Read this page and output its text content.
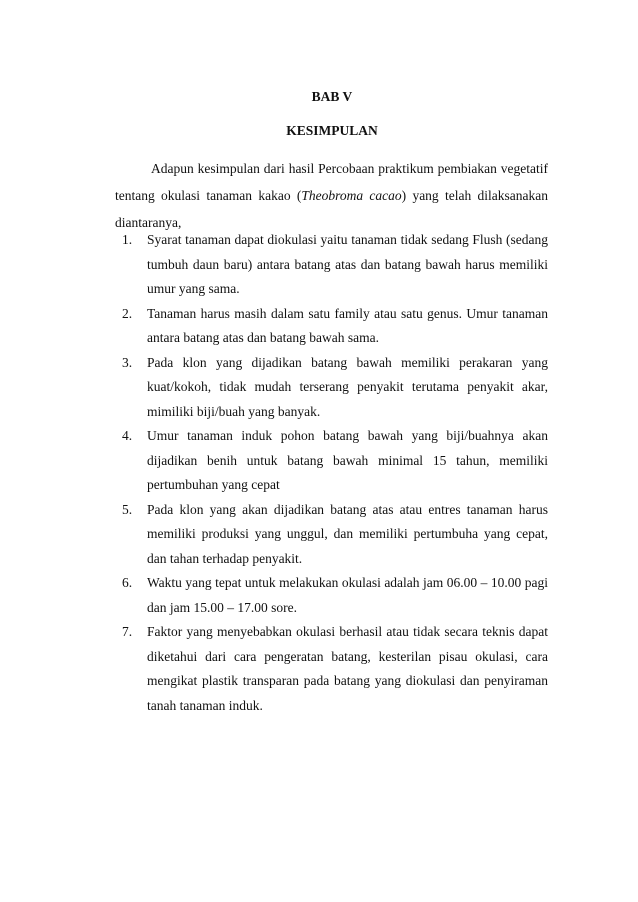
BAB V
KESIMPULAN

Adapun kesimpulan dari hasil Percobaan praktikum pembiakan vegetatif tentang okulasi tanaman kakao (Theobroma cacao) yang telah dilaksanakan diantaranya,

1. Syarat tanaman dapat diokulasi yaitu tanaman tidak sedang Flush (sedang tumbuh daun baru) antara batang atas dan batang bawah harus memiliki umur yang sama.
2. Tanaman harus masih dalam satu family atau satu genus. Umur tanaman antara batang atas dan batang bawah sama.
3. Pada klon yang dijadikan batang bawah memiliki perakaran yang kuat/kokoh, tidak mudah terserang penyakit terutama penyakit akar, mimiliki biji/buah yang banyak.
4. Umur tanaman induk pohon batang bawah yang biji/buahnya akan dijadikan benih untuk batang bawah minimal 15 tahun, memiliki pertumbuhan yang cepat
5. Pada klon yang akan dijadikan batang atas atau entres tanaman harus memiliki produksi yang unggul, dan memiliki pertumbuha yang cepat, dan tahan terhadap penyakit.
6. Waktu yang tepat untuk melakukan okulasi adalah jam 06.00 – 10.00 pagi dan jam 15.00 – 17.00 sore.
7. Faktor yang menyebabkan okulasi berhasil atau tidak secara teknis dapat diketahui dari cara pengeratan batang, kesterilan pisau okulasi, cara mengikat plastik transparan pada batang yang diokulasi dan penyiraman tanah tanaman induk.
